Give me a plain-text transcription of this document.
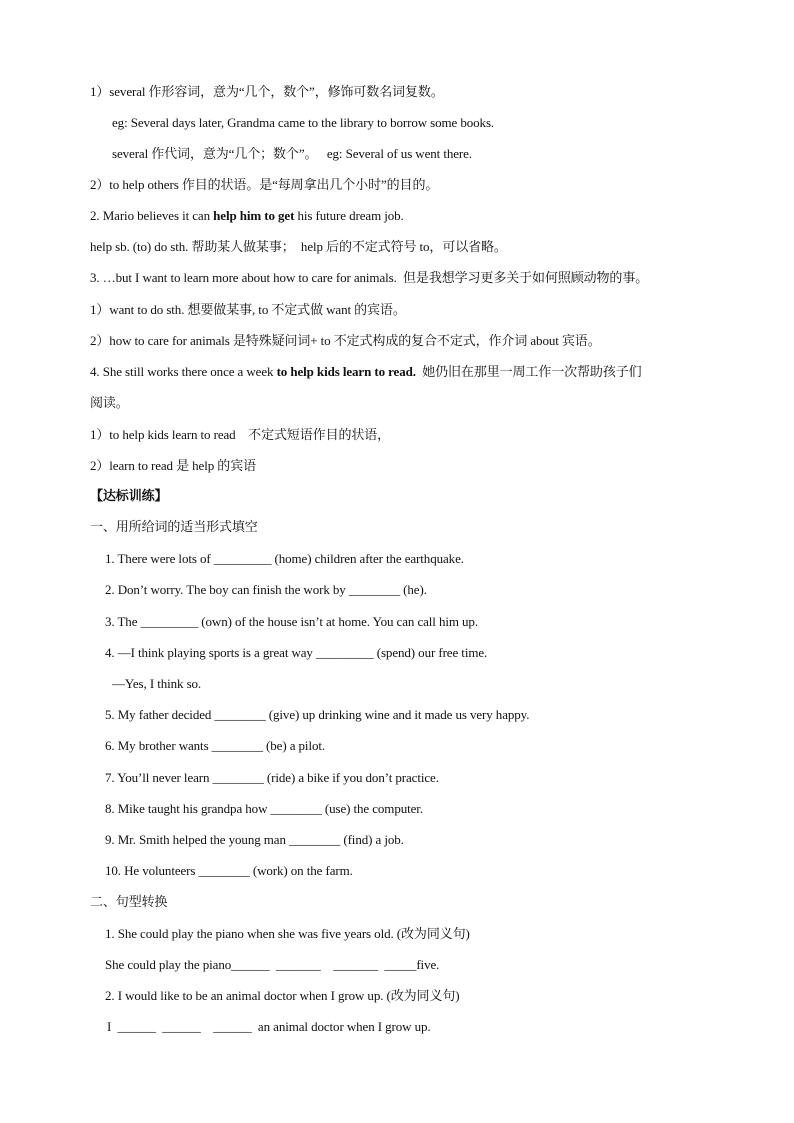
1）several 作形容词，意为“几个，数个”，修饰可数名词复数。
eg: Several days later, Grandma came to the library to borrow some books.
several 作代词，意为“几个；数个”。   eg: Several of us went there.
2）to help others 作目的状语。是“每周拿出几个小时”的目的。
2. Mario believes it can help him to get his future dream job.
help sb. (to) do sth. 帮助某人做某事；  help 后的不定式符号 to，可以省略。
3. …but I want to learn more about how to care for animals.  但是我想学习更多关于如何照顾动物的事。
1）want to do sth. 想要做某事, to 不定式做 want 的宾语。
2）how to care for animals 是特殊疑问词+ to 不定式构成的复合不定式，作介词 about 宾语。
4. She still works there once a week to help kids learn to read.  她仍旧在那里一周工作一次帮助孩子们
阅读。
1）to help kids learn to read    不定式短语作目的状语，
2）learn to read 是 help 的宾语
【达标训练】
一、用所给词的适当形式填空
1. There were lots of _________ (home) children after the earthquake.
2. Don’t worry. The boy can finish the work by ________ (he).
3. The _________ (own) of the house isn’t at home. You can call him up.
4. —I think playing sports is a great way _________ (spend) our free time.
—Yes, I think so.
5. My father decided ________ (give) up drinking wine and it made us very happy.
6. My brother wants ________ (be) a pilot.
7. You’ll never learn ________ (ride) a bike if you don’t practice.
8. Mike taught his grandpa how ________ (use) the computer.
9. Mr. Smith helped the young man ________ (find) a job.
10. He volunteers ________ (work) on the farm.
二、句型转换
1. She could play the piano when she was five years old. (改为同义句)
She could play the piano______  _______    _______  _____five.
2. I would like to be an animal doctor when I grow up. (改为同义句)
I  ______  ______    ______  an animal doctor when I grow up.
